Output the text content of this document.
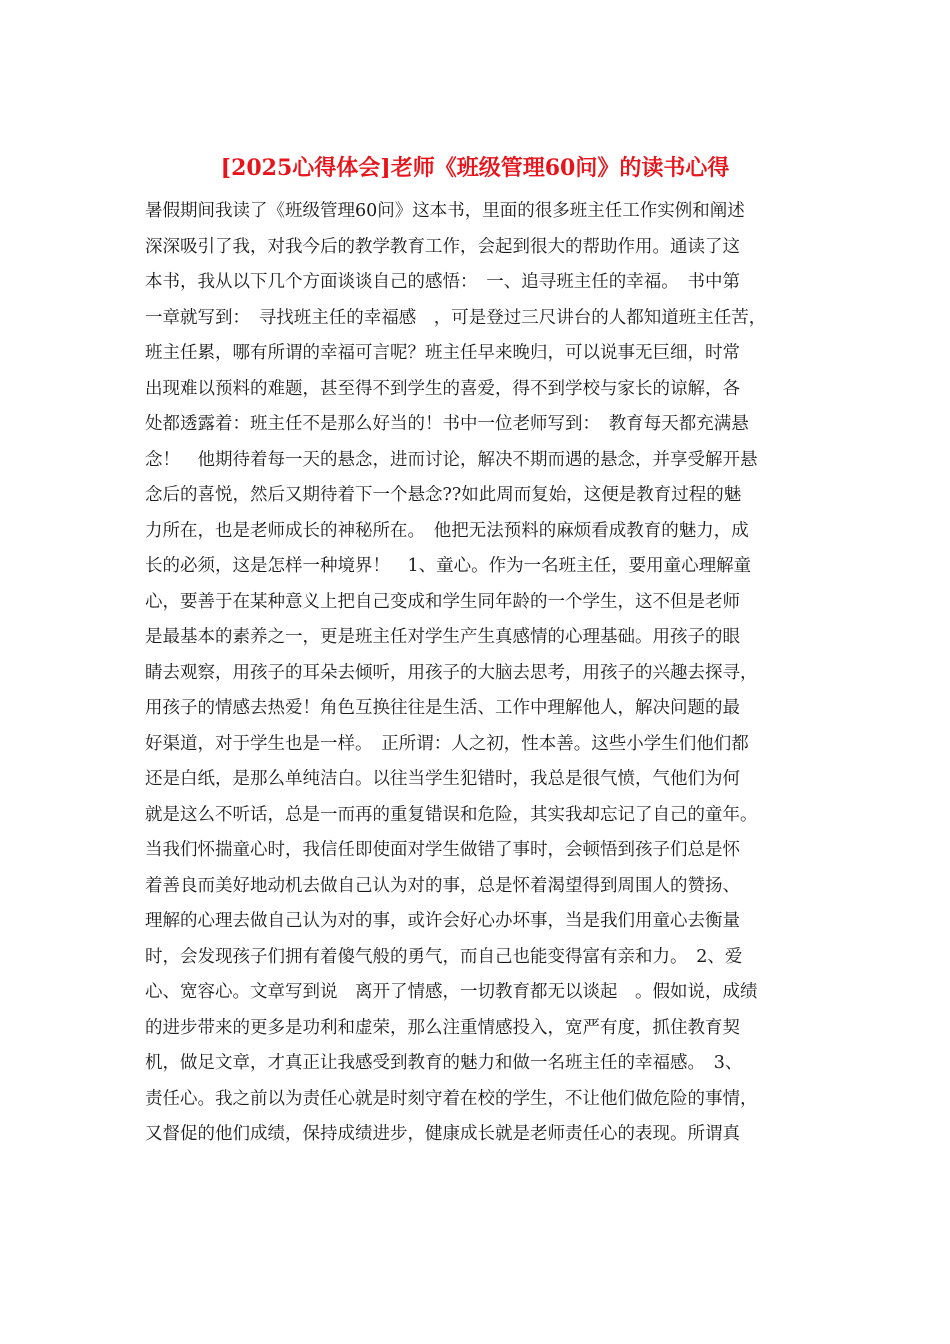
[2025心得体会]老师《班级管理60问》的读书心得
暑假期间我读了《班级管理60问》这本书，里面的很多班主任工作实例和阐述
深深吸引了我，对我今后的教学教育工作，会起到很大的帮助作用。通读了这
本书，我从以下几个方面谈谈自己的感悟：　一、追寻班主任的幸福。　书中第
一章就写到：　寻找班主任的幸福感　，可是登过三尺讲台的人都知道班主任苦，
班主任累，哪有所谓的幸福可言呢？班主任早来晚归，可以说事无巨细，时常
出现难以预料的难题，甚至得不到学生的喜爱，得不到学校与家长的谅解，各
处都透露着：班主任不是那么好当的！书中一位老师写到：　教育每天都充满悬
念！　他期待着每一天的悬念，进而讨论，解决不期而遇的悬念，并享受解开悬
念后的喜悦，然后又期待着下一个悬念??如此周而复始，这便是教育过程的魅
力所在，也是老师成长的神秘所在。　他把无法预料的麻烦看成教育的魅力，成
长的必须，这是怎样一种境界！　1、童心。作为一名班主任，要用童心理解童
心，要善于在某种意义上把自己变成和学生同年龄的一个学生，这不但是老师
是最基本的素养之一，更是班主任对学生产生真感情的心理基础。用孩子的眼
睛去观察，用孩子的耳朵去倾听，用孩子的大脑去思考，用孩子的兴趣去探寻，
用孩子的情感去热爱！角色互换往往是生活、工作中理解他人，解决问题的最
好渠道，对于学生也是一样。　正所谓：人之初，性本善。这些小学生们他们都
还是白纸，是那么单纯洁白。以往当学生犯错时，我总是很气愤，气他们为何
就是这么不听话，总是一而再的重复错误和危险，其实我却忘记了自己的童年。
当我们怀揣童心时，我信任即使面对学生做错了事时，会顿悟到孩子们总是怀
着善良而美好地动机去做自己认为对的事，总是怀着渴望得到周围人的赞扬、
理解的心理去做自己认为对的事，或许会好心办坏事，当是我们用童心去衡量
时，会发现孩子们拥有着傻气般的勇气，而自己也能变得富有亲和力。　2、爱
心、宽容心。文章写到说　离开了情感，一切教育都无以谈起　。假如说，成绩
的进步带来的更多是功利和虚荣，那么注重情感投入，宽严有度，抓住教育契
机，做足文章，才真正让我感受到教育的魅力和做一名班主任的幸福感。　3、
责任心。我之前以为责任心就是时刻守着在校的学生，不让他们做危险的事情，
又督促的他们成绩，保持成绩进步，健康成长就是老师责任心的表现。所谓真
